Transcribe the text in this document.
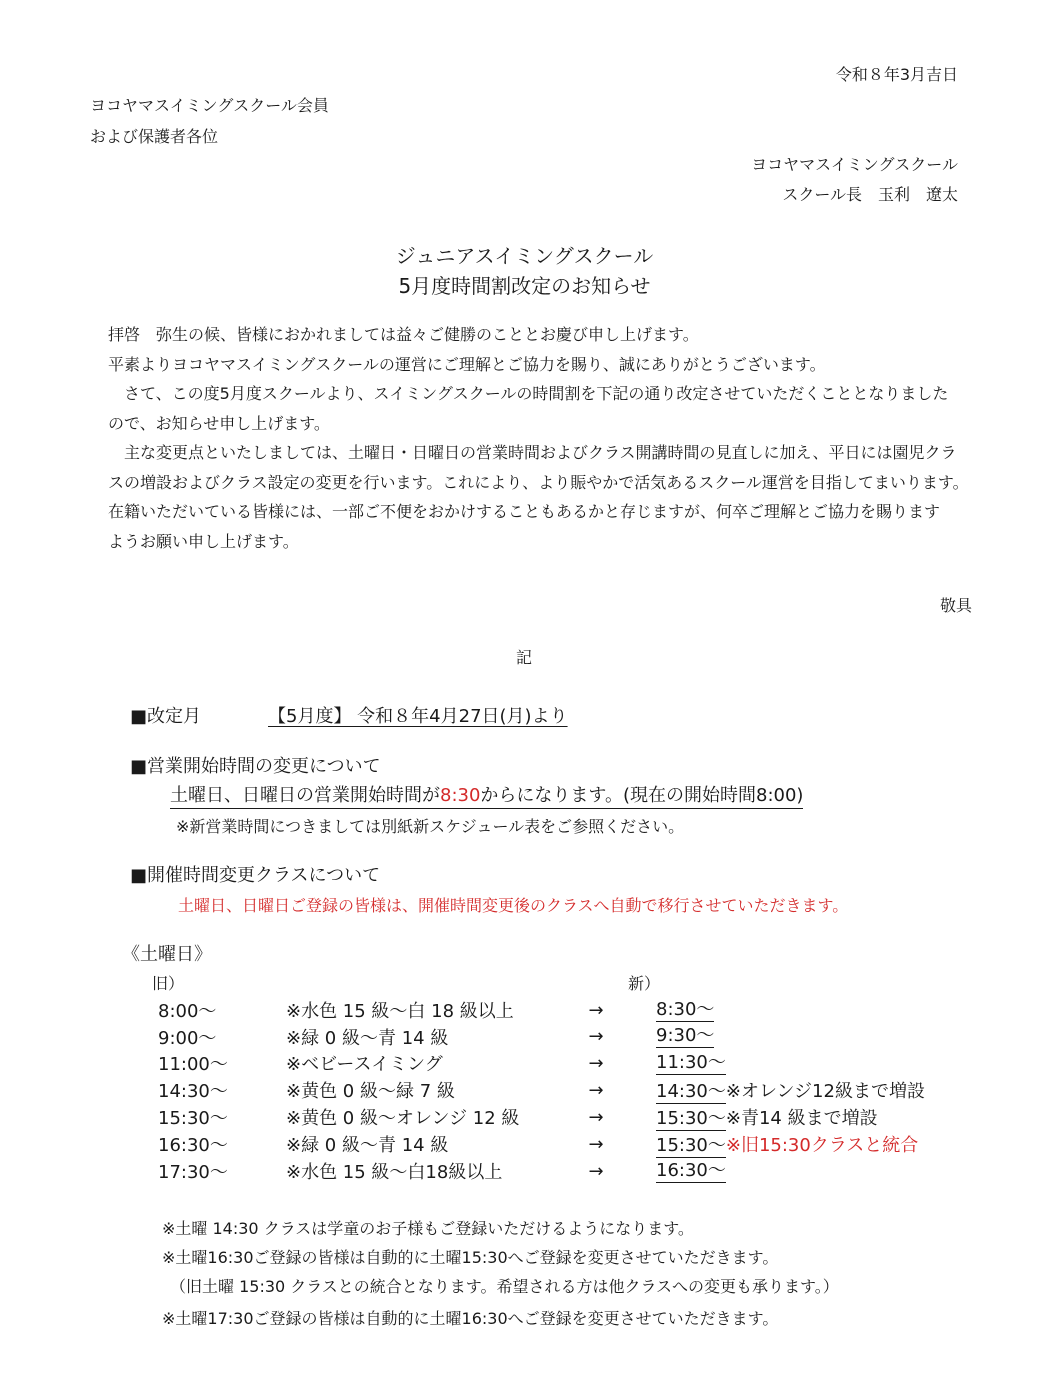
令和８年3月吉日
ヨコヤマスイミングスクール会員
および保護者各位
ヨコヤマスイミングスクール
スクール長　玉利　遼太
ジュニアスイミングスクール
5月度時間割改定のお知らせ
拝啓　弥生の候、皆様におかれましては益々ご健勝のこととお慶び申し上げます。
平素よりヨコヤマスイミングスクールの運営にご理解とご協力を賜り、誠にありがとうございます。
　さて、この度5月度スクールより、スイミングスクールの時間割を下記の通り改定させていただくこととなりました
ので、お知らせ申し上げます。
　主な変更点といたしましては、土曜日・日曜日の営業時間およびクラス開講時間の見直しに加え、平日には園児クラ
スの増設およびクラス設定の変更を行います。これにより、より賑やかで活気あるスクール運営を目指してまいります。
在籍いただいている皆様には、一部ご不便をおかけすることもあるかと存じますが、何卒ご理解とご協力を賜ります
ようお願い申し上げます。
敬具
記
■改定月	【5月度】 令和８年4月27日(月)より
■営業開始時間の変更について
土曜日、日曜日の営業開始時間が8:30からになります。(現在の開始時間8:00)
※新営業時間につきましては別紙新スケジュール表をご参照ください。
■開催時間変更クラスについて
土曜日、日曜日ご登録の皆様は、開催時間変更後のクラスへ自動で移行させていただきます。
《土曜日》
旧）	新）
8:00～	※水色 15 級～白 18 級以上	→	8:30～
9:00～	※緑 0 級～青 14 級	→	9:30～
11:00～	※ベビースイミング	→	11:30～
14:30～	※黄色 0 級～緑 7 級	→	14:30～※オレンジ12級まで増設
15:30～	※黄色 0 級～オレンジ 12 級	→	15:30～※青14 級まで増設
16:30～	※緑 0 級～青 14 級	→	15:30～※旧15:30クラスと統合
17:30～	※水色 15 級～白18級以上	→	16:30～
※土曜 14:30 クラスは学童のお子様もご登録いただけるようになります。
※土曜16:30ご登録の皆様は自動的に土曜15:30へご登録を変更させていただきます。
（旧土曜 15:30 クラスとの統合となります。希望される方は他クラスへの変更も承ります。）
※土曜17:30ご登録の皆様は自動的に土曜16:30へご登録を変更させていただきます。
